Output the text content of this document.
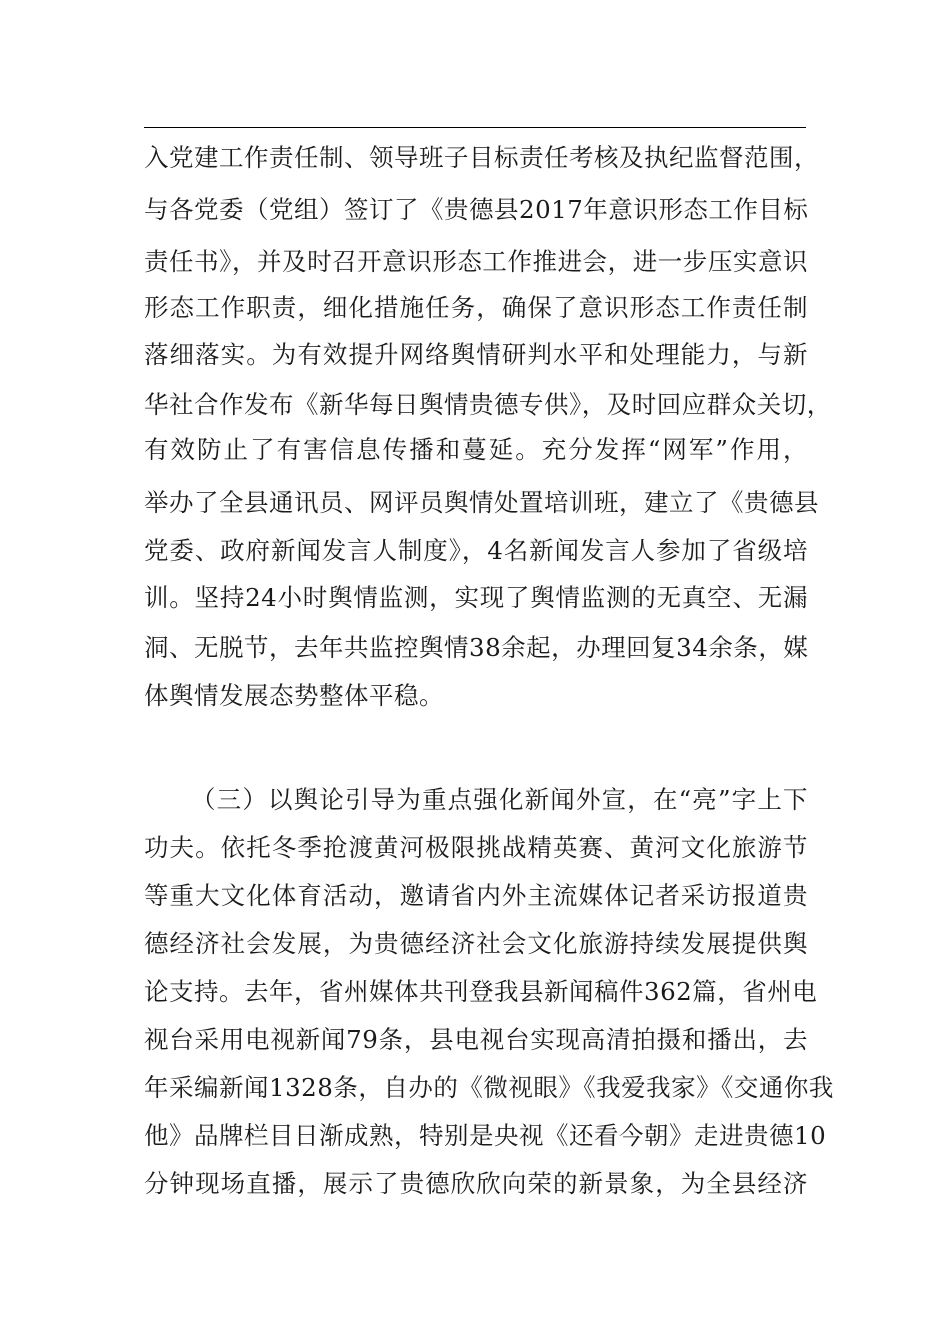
入党建工作责任制、领导班子目标责任考核及执纪监督范围，
与各党委（党组）签订了《贵德县2017年意识形态工作目标
责任书》，并及时召开意识形态工作推进会，进一步压实意识
形态工作职责，细化措施任务，确保了意识形态工作责任制
落细落实。为有效提升网络舆情研判水平和处理能力，与新
华社合作发布《新华每日舆情贵德专供》，及时回应群众关切，
有效防止了有害信息传播和蔓延。充分发挥“网军”作用，
举办了全县通讯员、网评员舆情处置培训班，建立了《贵德县
党委、政府新闻发言人制度》，4名新闻发言人参加了省级培
训。坚持24小时舆情监测，实现了舆情监测的无真空、无漏
洞、无脱节，去年共监控舆情38余起，办理回复34余条，媒
体舆情发展态势整体平稳。
（三）以舆论引导为重点强化新闻外宣，在“亮”字上下
功夫。依托冬季抢渡黄河极限挑战精英赛、黄河文化旅游节
等重大文化体育活动，邀请省内外主流媒体记者采访报道贵
德经济社会发展，为贵德经济社会文化旅游持续发展提供舆
论支持。去年，省州媒体共刊登我县新闻稿件362篇，省州电
视台采用电视新闻79条，县电视台实现高清拍摄和播出，去
年采编新闻1328条，自办的《微视眼》《我爱我家》《交通你我
他》品牌栏目日渐成熟，特别是央视《还看今朝》走进贵德10
分钟现场直播，展示了贵德欣欣向荣的新景象，为全县经济
